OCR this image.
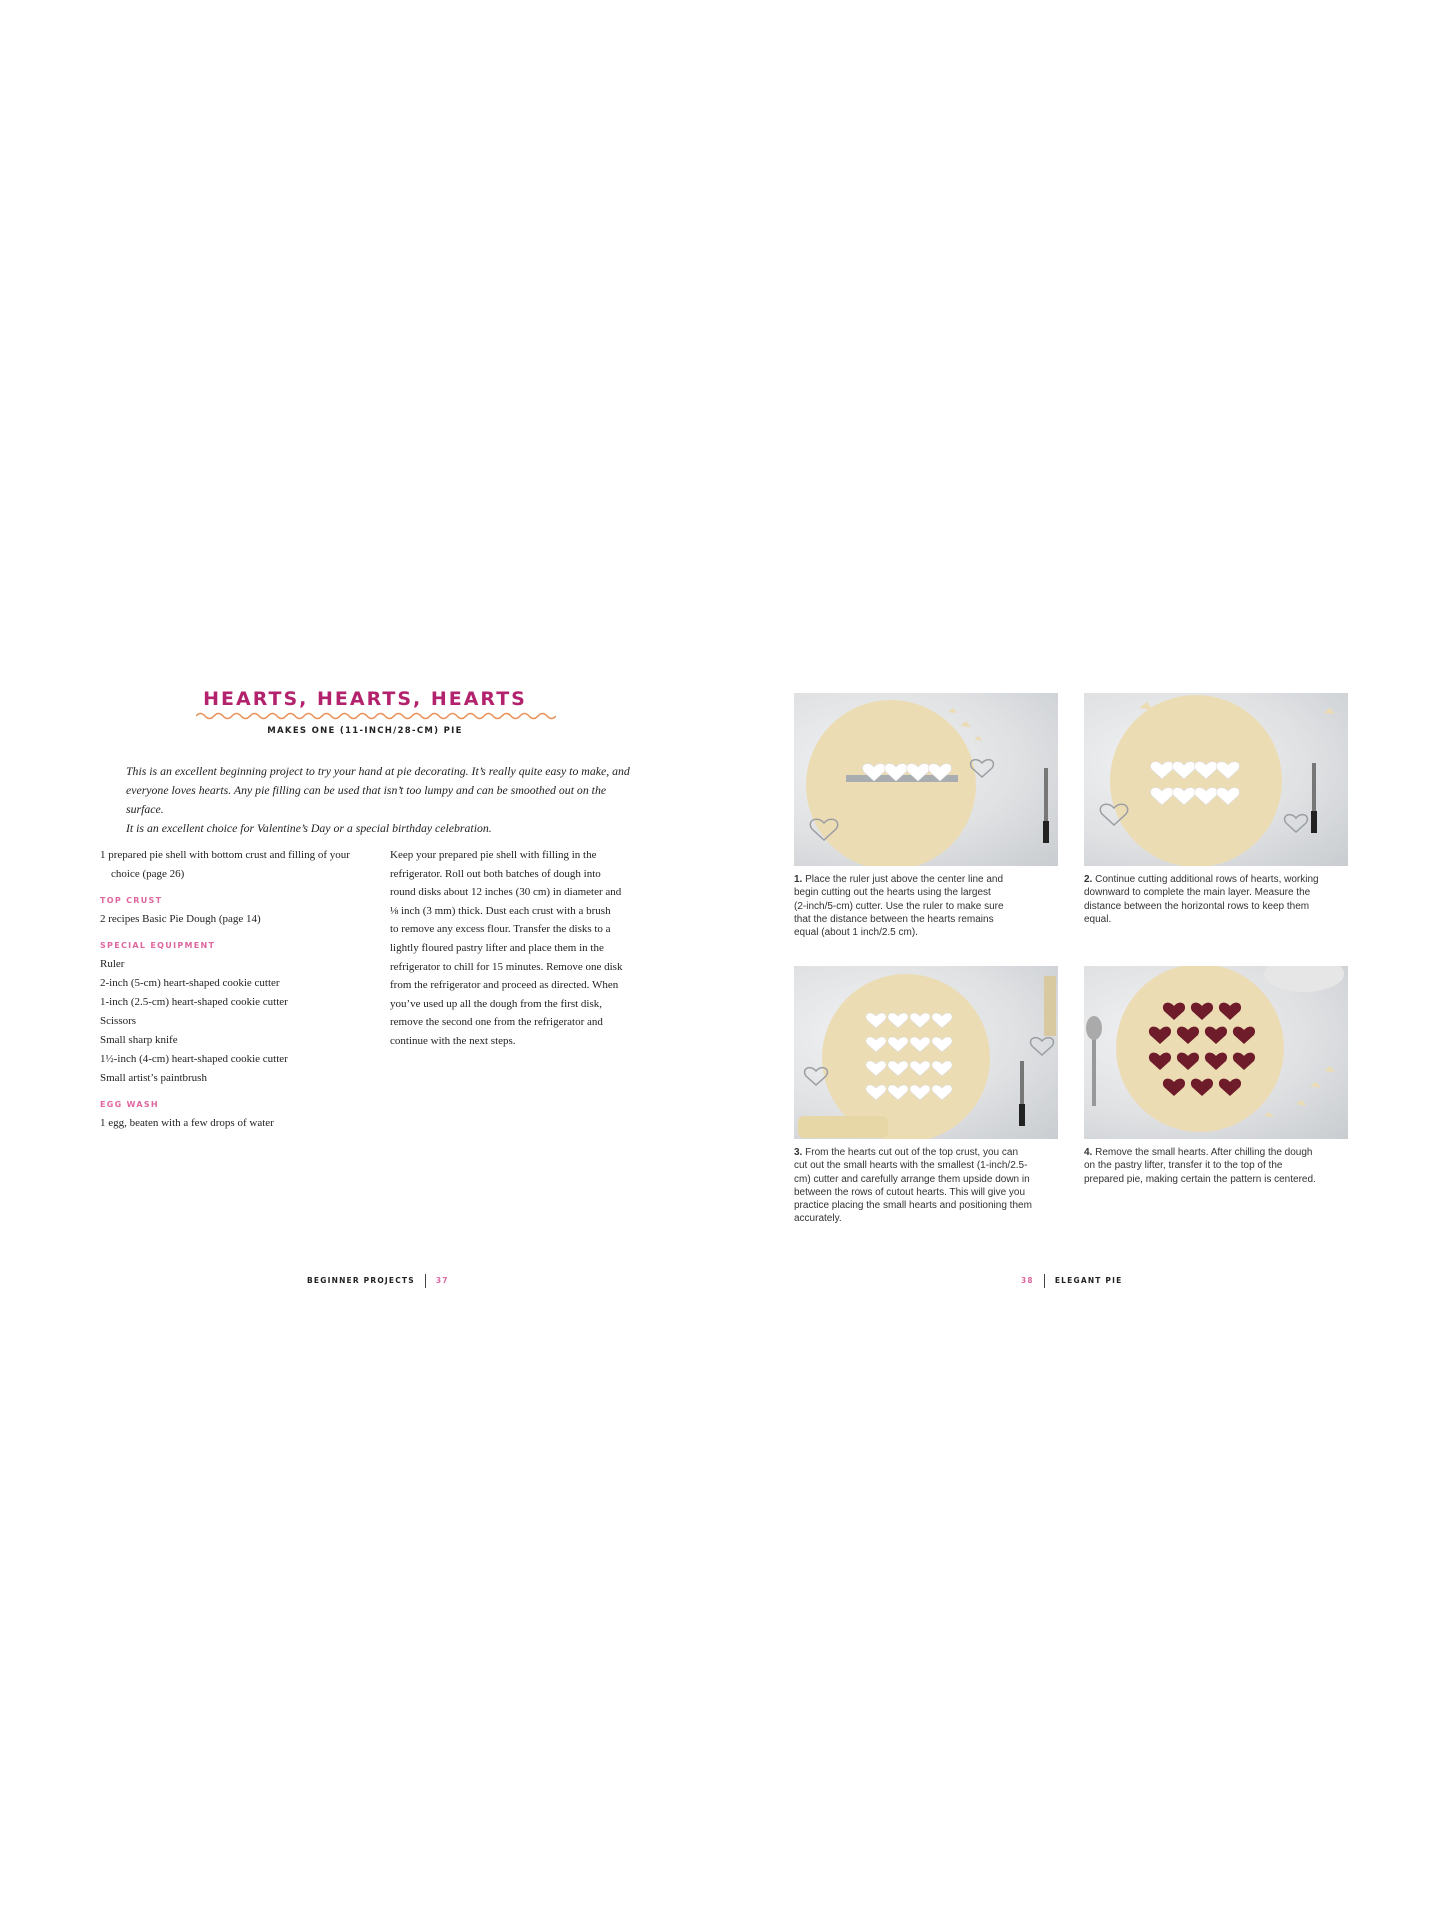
HEARTS, HEARTS, HEARTS
MAKES ONE (11-INCH/28-CM) PIE
This is an excellent beginning project to try your hand at pie decorating. It’s really quite easy to make, and
everyone loves hearts. Any pie filling can be used that isn’t too lumpy and can be smoothed out on the surface.
It is an excellent choice for Valentine’s Day or a special birthday celebration.

1 prepared pie shell with bottom crust and filling of your choice (page 26)

TOP CRUST

2 recipes Basic Pie Dough (page 14)

SPECIAL EQUIPMENT

Ruler

2-inch (5-cm) heart-shaped cookie cutter

1-inch (2.5-cm) heart-shaped cookie cutter

Scissors

Small sharp knife

1½-inch (4-cm) heart-shaped cookie cutter

Small artist’s paintbrush

EGG WASH

1 egg, beaten with a few drops of water

Keep your prepared pie shell with filling in the
refrigerator. Roll out both batches of dough into
round disks about 12 inches (30 cm) in diameter and
⅛ inch (3 mm) thick. Dust each crust with a brush
to remove any excess flour. Transfer the disks to a
lightly floured pastry lifter and place them in the
refrigerator to chill for 15 minutes. Remove one disk
from the refrigerator and proceed as directed. When
you’ve used up all the dough from the first disk,
remove the second one from the refrigerator and
continue with the next steps.
BEGINNER PROJECTS	37
1. Place the ruler just above the center line and
begin cutting out the hearts using the largest
(2-inch/5-cm) cutter. Use the ruler to make sure
that the distance between the hearts remains
equal (about 1 inch/2.5 cm).
2. Continue cutting additional rows of hearts, working
downward to complete the main layer. Measure the
distance between the horizontal rows to keep them
equal.
3. From the hearts cut out of the top crust, you can
cut out the small hearts with the smallest (1-inch/2.5-
cm) cutter and carefully arrange them upside down in
between the rows of cutout hearts. This will give you
practice placing the small hearts and positioning them
accurately.
4. Remove the small hearts. After chilling the dough
on the pastry lifter, transfer it to the top of the
prepared pie, making certain the pattern is centered.
38	ELEGANT PIE
